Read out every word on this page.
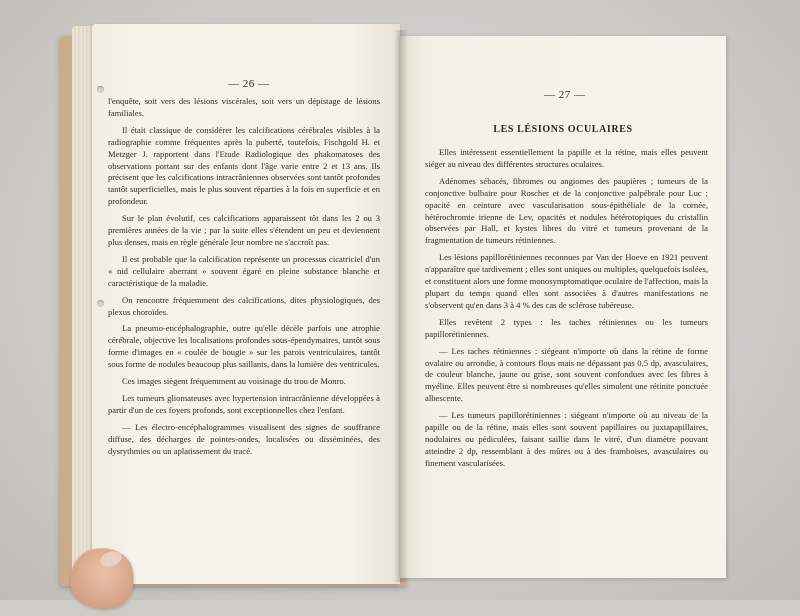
— 26 —
— 27 —

l'enquête, soit vers des lésions viscérales, soit vers un dépistage de lésions familiales.

Il était classique de considérer les calcifications cérébrales visibles à la radiographie comme fréquentes après la puberté, toutefois, Fischgold H. et Metzger J. rapportent dans l'Etude Radiologique des phakomatoses des observations portant sur des enfants dont l'âge varie entre 2 et 13 ans. Ils précisent que les calcifications intracrâniennes observées sont tantôt profondes tantôt superficielles, mais le plus souvent réparties à la fois en superficie et en profondeur.

Sur le plan évolutif, ces calcifications apparaissent tôt dans les 2 ou 3 premières années de la vie ; par la suite elles s'étendent un peu et deviennent plus denses, mais en règle générale leur nombre ne s'accroît pas.

Il est probable que la calcification représente un processus cicatriciel d'un « nid cellulaire aberrant » souvent égaré en pleine substance blanche et caractéristique de la maladie.

On rencontre fréquemment des calcifications, dites physiologiques, des plexus choroïdes.

La pneumo-encéphalographie, outre qu'elle décèle parfois une atrophie cérébrale, objective les localisations profondes sous-épendymaires, tantôt sous forme d'images en « coulée de bougie » sur les parois ventriculaires, tantôt sous forme de nodules beaucoup plus saillants, dans la lumière des ventricules.

Ces images siègent fréquemment au voisinage du trou de Monro.

Les tumeurs gliomateuses avec hypertension intracrânienne développées à partir d'un de ces foyers profonds, sont exceptionnelles chez l'enfant.

— Les électro-encéphalogrammes visualisent des signes de souffrance diffuse, des décharges de pointes-ondes, localisées ou disséminées, des dysrythmies ou un aplatissement du tracé.

LES LÉSIONS OCULAIRES

Elles intéressent essentiellement la papille et la rétine, mais elles peuvent siéger au niveau des différentes structures oculaires.

Adénomes sébacés, fibromes ou angiomes des paupières ; tumeurs de la conjonctive bulbaire pour Roscher et de la conjonctive palpébrale pour Luc ; opacité en ceinture avec vascularisation sous-épithéliale de la cornée, hétérochromie irienne de Lev, opacités et nodules hétérotopiques du cristallin observées par Hall, et kystes libres du vitré et tumeurs provenant de la fragmentation de tumeurs rétiniennes.

Les lésions papillorétiniennes reconnues par Van der Hoeve en 1921 peuvent n'apparaître que tardivement ; elles sont uniques ou multiples, quelquefois isolées, et constituent alors une forme monosymptomatique oculaire de l'affection, mais la plupart du temps quand elles sont associées à d'autres manifestations ne s'observent qu'en dans 3 à 4 % des cas de sclérose tubéreuse.

Elles revêtent 2 types : les taches rétiniennes ou les tumeurs papillorétiniennes.

— Les taches rétiniennes : siégeant n'importe où dans la rétine de forme ovalaire ou arrondie, à contours flous mais ne dépassant pas 0,5 dp, avasculaires, de couleur blanche, jaune ou grise, sont souvent confondues avec les fibres à myéline. Elles peuvent être si nombreuses qu'elles simulent une rétinite ponctuée albescente.

— Les tumeurs papillorétiniennes : siégeant n'importe où au niveau de la papille ou de la rétine, mais elles sont souvent papillaires ou juxtapapillaires, nodulaires ou pédiculées, faisant saillie dans le vitré, d'un diamètre pouvant atteindre 2 dp, ressemblant à des mûres ou à des framboises, avasculaires ou finement vascularisées.
